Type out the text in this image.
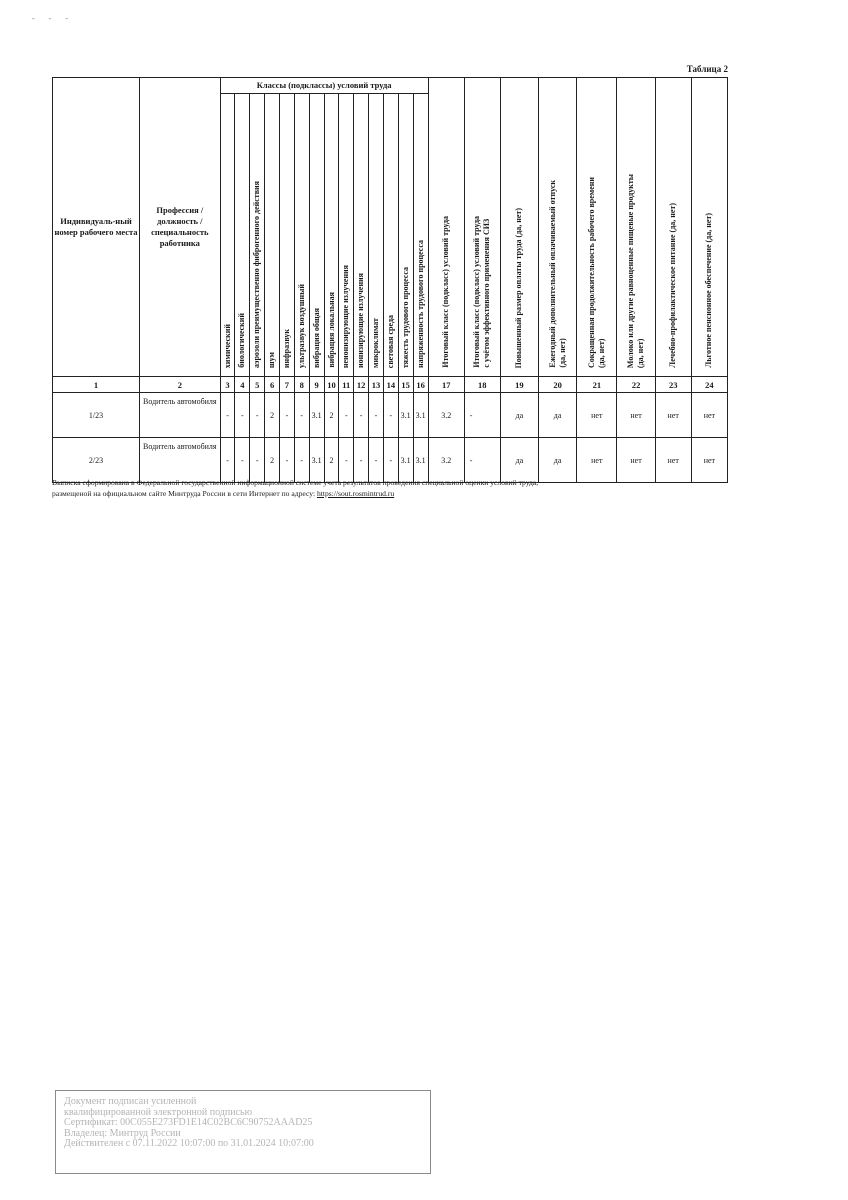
- - -
Таблица 2
Индивидуаль-ный номер рабочего места	Профессия / должность / специальность работника	Классы (подклассы) условий труда														Итоговый класс (подкласс) условий труда	Итоговый класс (подкласс) условий труда
с учётом эффективного применения СИЗ	Повышенный размер оплаты труда (да, нет)	Ежегодный дополнительный оплачиваемый отпуск
(да, нет)	Сокращенная продолжительность рабочего времени
(да, нет)	Молоко или другие равноценные пищевые продукты
(да, нет)	Лечебно-профилактическое питание (да, нет)	Льготное пенсионное обеспечение (да, нет)
		химический	биологический	аэрозоли преимущественно фиброгенного действия	шум	инфразвук	ультразвук воздушный	вибрация общая	вибрация локальная	неионизирующие излучения	ионизирующие излучения	микроклимат	световая среда	тяжесть трудового процесса	напряженность трудового процесса								
1	2	3	4	5	6	7	8	9	10	11	12	13	14	15	16	17	18	19	20	21	22	23	24
1/23	Водитель автомобиля	-	-	-	2	-	-	3.1	2	-	-	-	-	3.1	3.1	3.2	-	да	да	нет	нет	нет	нет
2/23	Водитель автомобиля	-	-	-	2	-	-	3.1	2	-	-	-	-	3.1	3.1	3.2	-	да	да	нет	нет	нет	нет
Выписка сформирована в Федеральной государственной информационной системе учета результатов проведения специальной оценки условий труда,
размещеной на официальном сайте Минтруда России в сети Интернет по адресу: https://sout.rosmintrud.ru
Документ подписан усиленной
квалифицированной электронной подписью
Сертификат: 00C055E273FD1E14C02BC6C90752AAAD25
Владелец: Минтруд России
Действителен с 07.11.2022 10:07:00 по 31.01.2024 10:07:00
